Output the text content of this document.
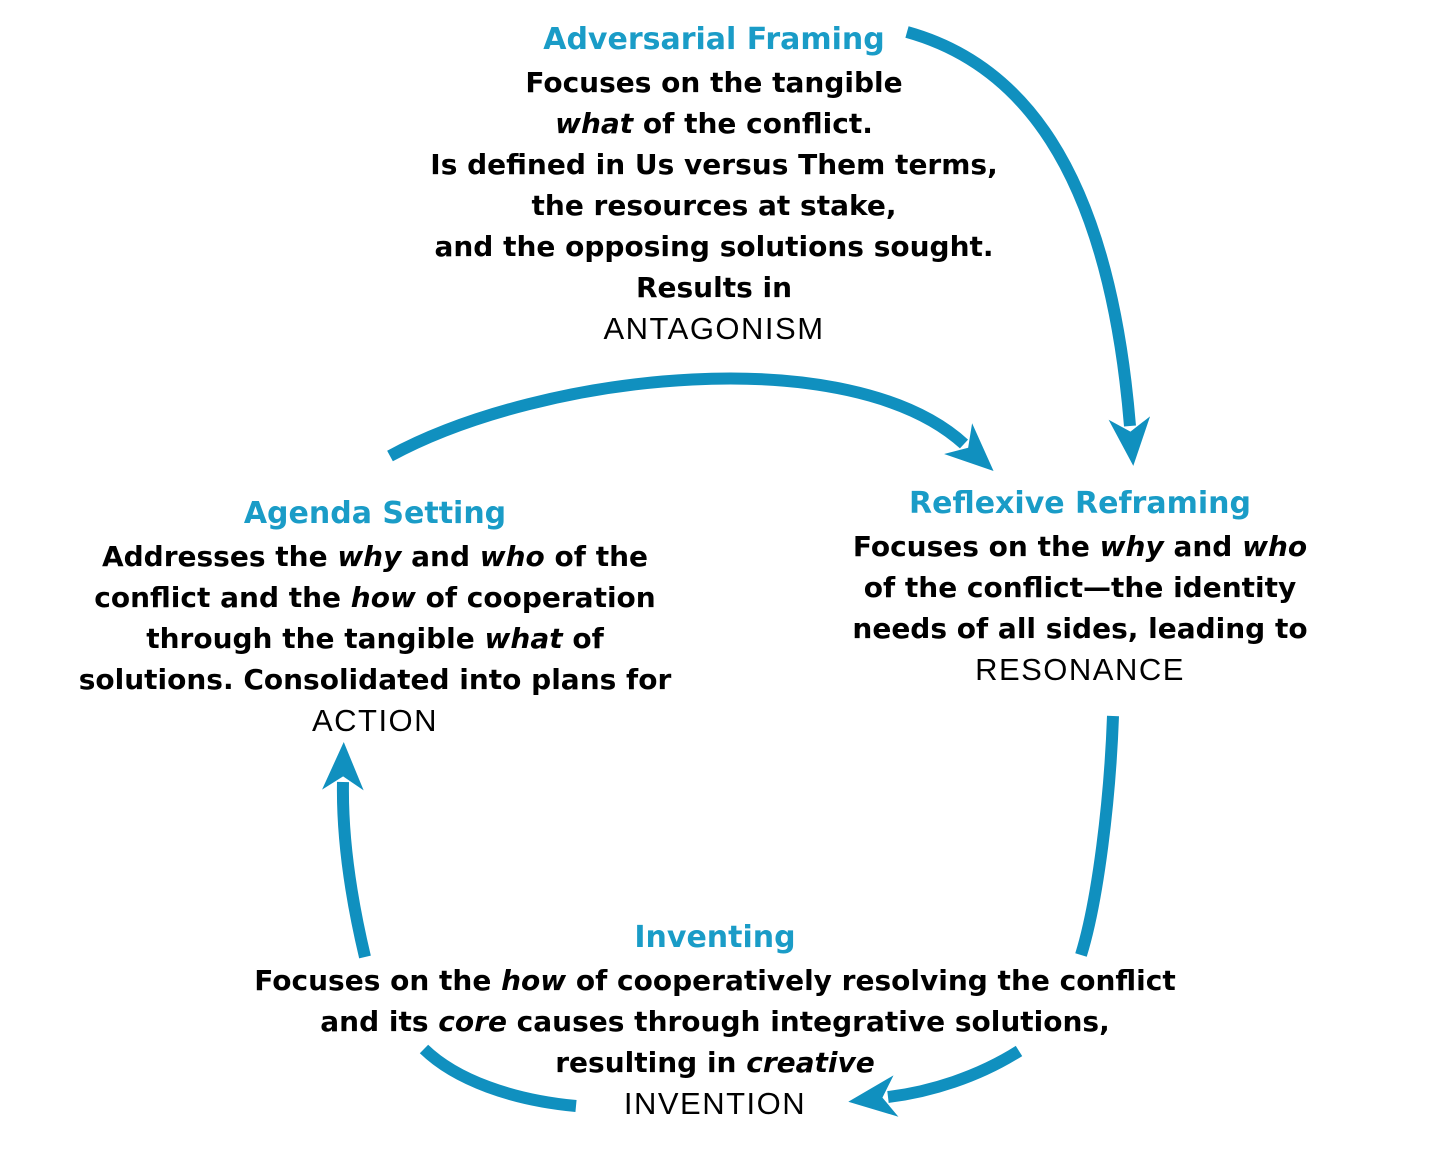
Adversarial Framing
Focuses on the tangible
what of the conflict.
Is defined in Us versus Them terms,
the resources at stake,
and the opposing solutions sought.
Results in
ANTAGONISM
Reflexive Reframing
Focuses on the why and who
of the conflict—the identity
needs of all sides, leading to
RESONANCE
Agenda Setting
Addresses the why and who of the
conflict and the how of cooperation
through the tangible what of
solutions. Consolidated into plans for
ACTION
Inventing
Focuses on the how of cooperatively resolving the conflict
and its core causes through integrative solutions,
resulting in creative
INVENTION
